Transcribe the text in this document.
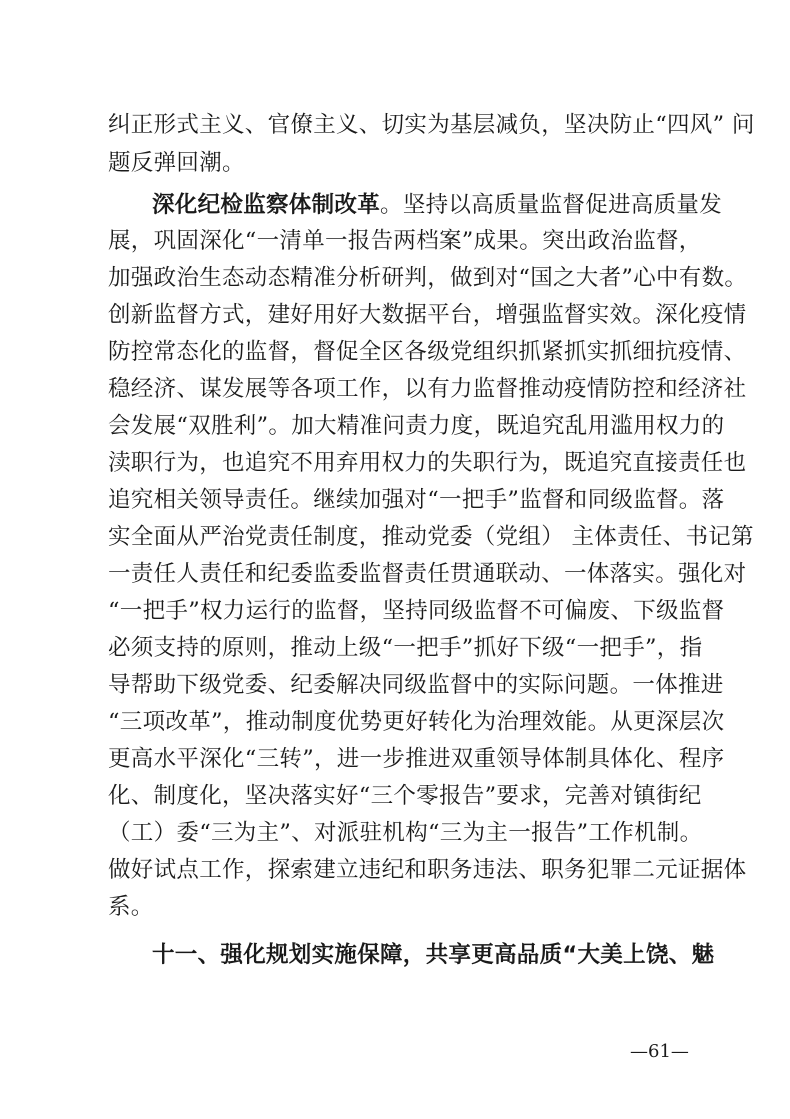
纠正形式主义、官僚主义、切实为基层减负，坚决防止“四风” 问
题反弹回潮。
深化纪检监察体制改革。坚持以高质量监督促进高质量发
展，巩固深化“一清单一报告两档案”成果。突出政治监督，
加强政治生态动态精准分析研判，做到对“国之大者”心中有数。
创新监督方式，建好用好大数据平台，增强监督实效。深化疫情
防控常态化的监督，督促全区各级党组织抓紧抓实抓细抗疫情、
稳经济、谋发展等各项工作，以有力监督推动疫情防控和经济社
会发展“双胜利”。加大精准问责力度，既追究乱用滥用权力的
渎职行为，也追究不用弃用权力的失职行为，既追究直接责任也
追究相关领导责任。继续加强对“一把手”监督和同级监督。落
实全面从严治党责任制度，推动党委（党组） 主体责任、书记第
一责任人责任和纪委监委监督责任贯通联动、一体落实。强化对
“一把手”权力运行的监督，坚持同级监督不可偏废、下级监督
必须支持的原则，推动上级“一把手”抓好下级“一把手”，指
导帮助下级党委、纪委解决同级监督中的实际问题。一体推进
“三项改革”，推动制度优势更好转化为治理效能。从更深层次
更高水平深化“三转”，进一步推进双重领导体制具体化、程序
化、制度化，坚决落实好“三个零报告”要求，完善对镇街纪
（工）委“三为主”、对派驻机构“三为主一报告”工作机制。
做好试点工作，探索建立违纪和职务违法、职务犯罪二元证据体
系。
十一、强化规划实施保障，共享更高品质“大美上饶、魅
—61—
